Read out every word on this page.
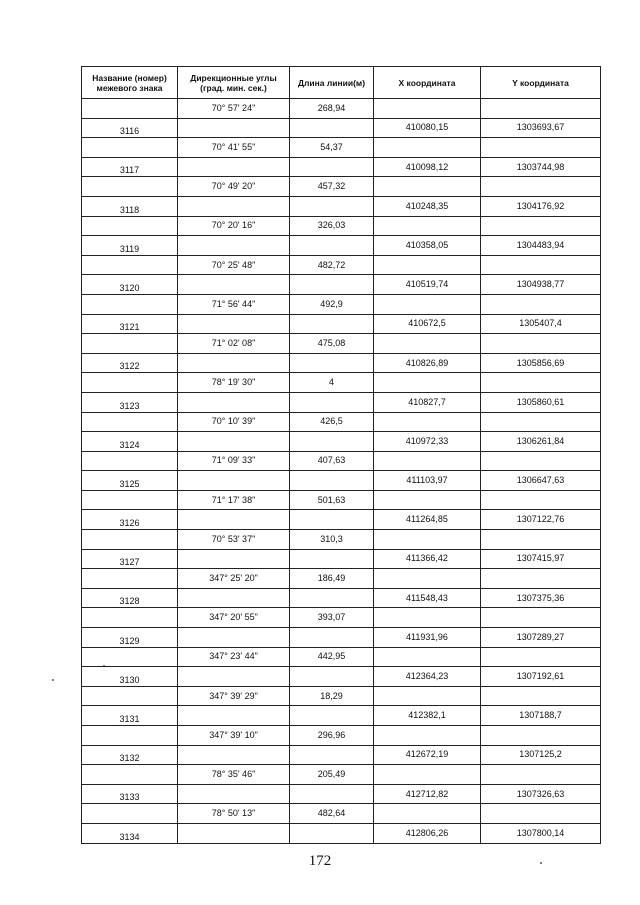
Название (номер) межевого знака	Дирекционные углы (град. мин. сек.)	Длина линии(м)	X координата	Y координата
	70° 57' 24"	268,94		
3116			410080,15	1303693,67
	70° 41' 55"	54,37		
3117			410098,12	1303744,98
	70° 49' 20"	457,32		
3118			410248,35	1304176,92
	70° 20' 16"	326,03		
3119			410358,05	1304483,94
	70° 25' 48"	482,72		
3120			410519,74	1304938,77
	71° 56' 44"	492,9		
3121			410672,5	1305407,4
	71° 02' 08"	475,08		
3122			410826,89	1305856,69
	78° 19' 30"	4		
3123			410827,7	1305860,61
	70° 10' 39"	426,5		
3124			410972,33	1306261,84
	71° 09' 33"	407,63		
3125			411103,97	1306647,63
	71° 17' 38"	501,63		
3126			411264,85	1307122,76
	70° 53' 37"	310,3		
3127			411366,42	1307415,97
	347° 25' 20"	186,49		
3128			411548,43	1307375,36
	347° 20' 55"	393,07		
3129			411931,96	1307289,27
	347° 23' 44"	442,95		
3130			412364,23	1307192,61
	347° 39' 29"	18,29		
3131			412382,1	1307188,7
	347° 39' 10"	296,96		
3132			412672,19	1307125,2
	78° 35' 46"	205,49		
3133			412712,82	1307326,63
	78° 50' 13"	482,64		
3134			412806,26	1307800,14
172
